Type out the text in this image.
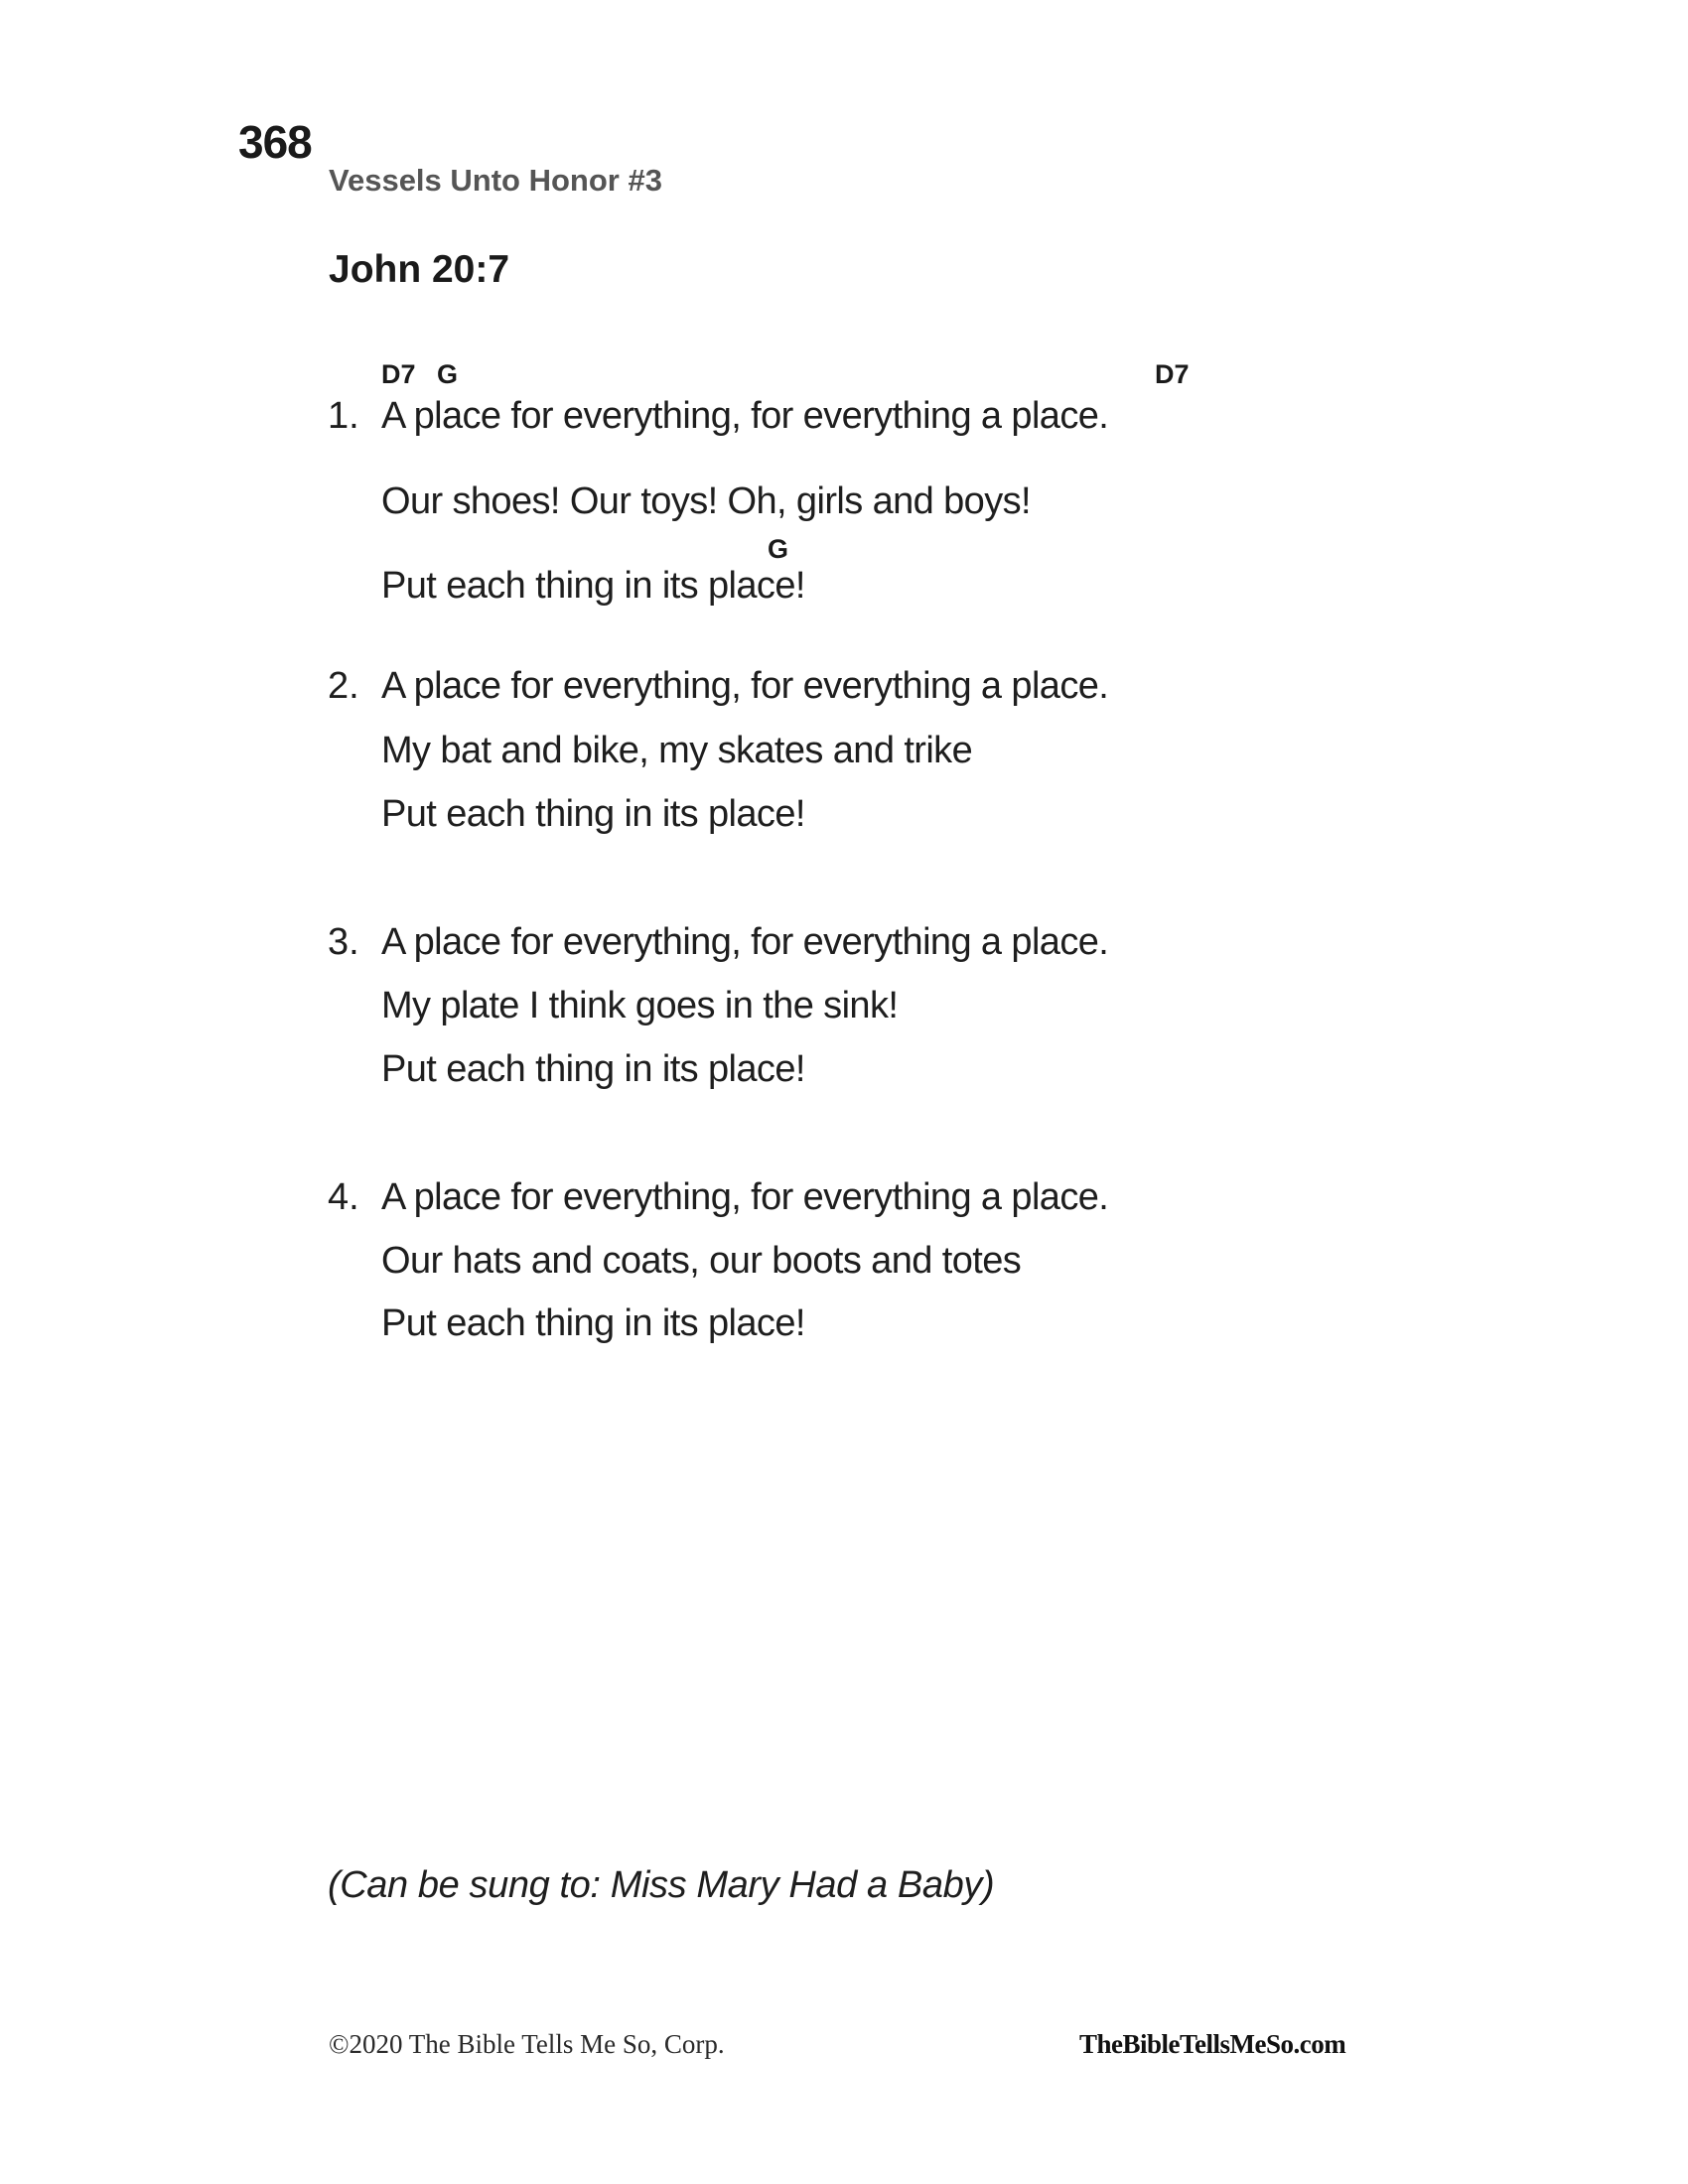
368
Vessels Unto Honor #3
John 20:7
D7 G	D7
1. A place for everything, for everything a place.
Our shoes! Our toys! Oh, girls and boys!
G
Put each thing in its place!
2. A place for everything, for everything a place.
My bat and bike, my skates and trike
Put each thing in its place!
3. A place for everything, for everything a place.
My plate I think goes in the sink!
Put each thing in its place!
4. A place for everything, for everything a place.
Our hats and coats, our boots and totes
Put each thing in its place!
(Can be sung to: Miss Mary Had a Baby)
©2020 The Bible Tells Me So, Corp.	TheBibleTellsMeSo.com
